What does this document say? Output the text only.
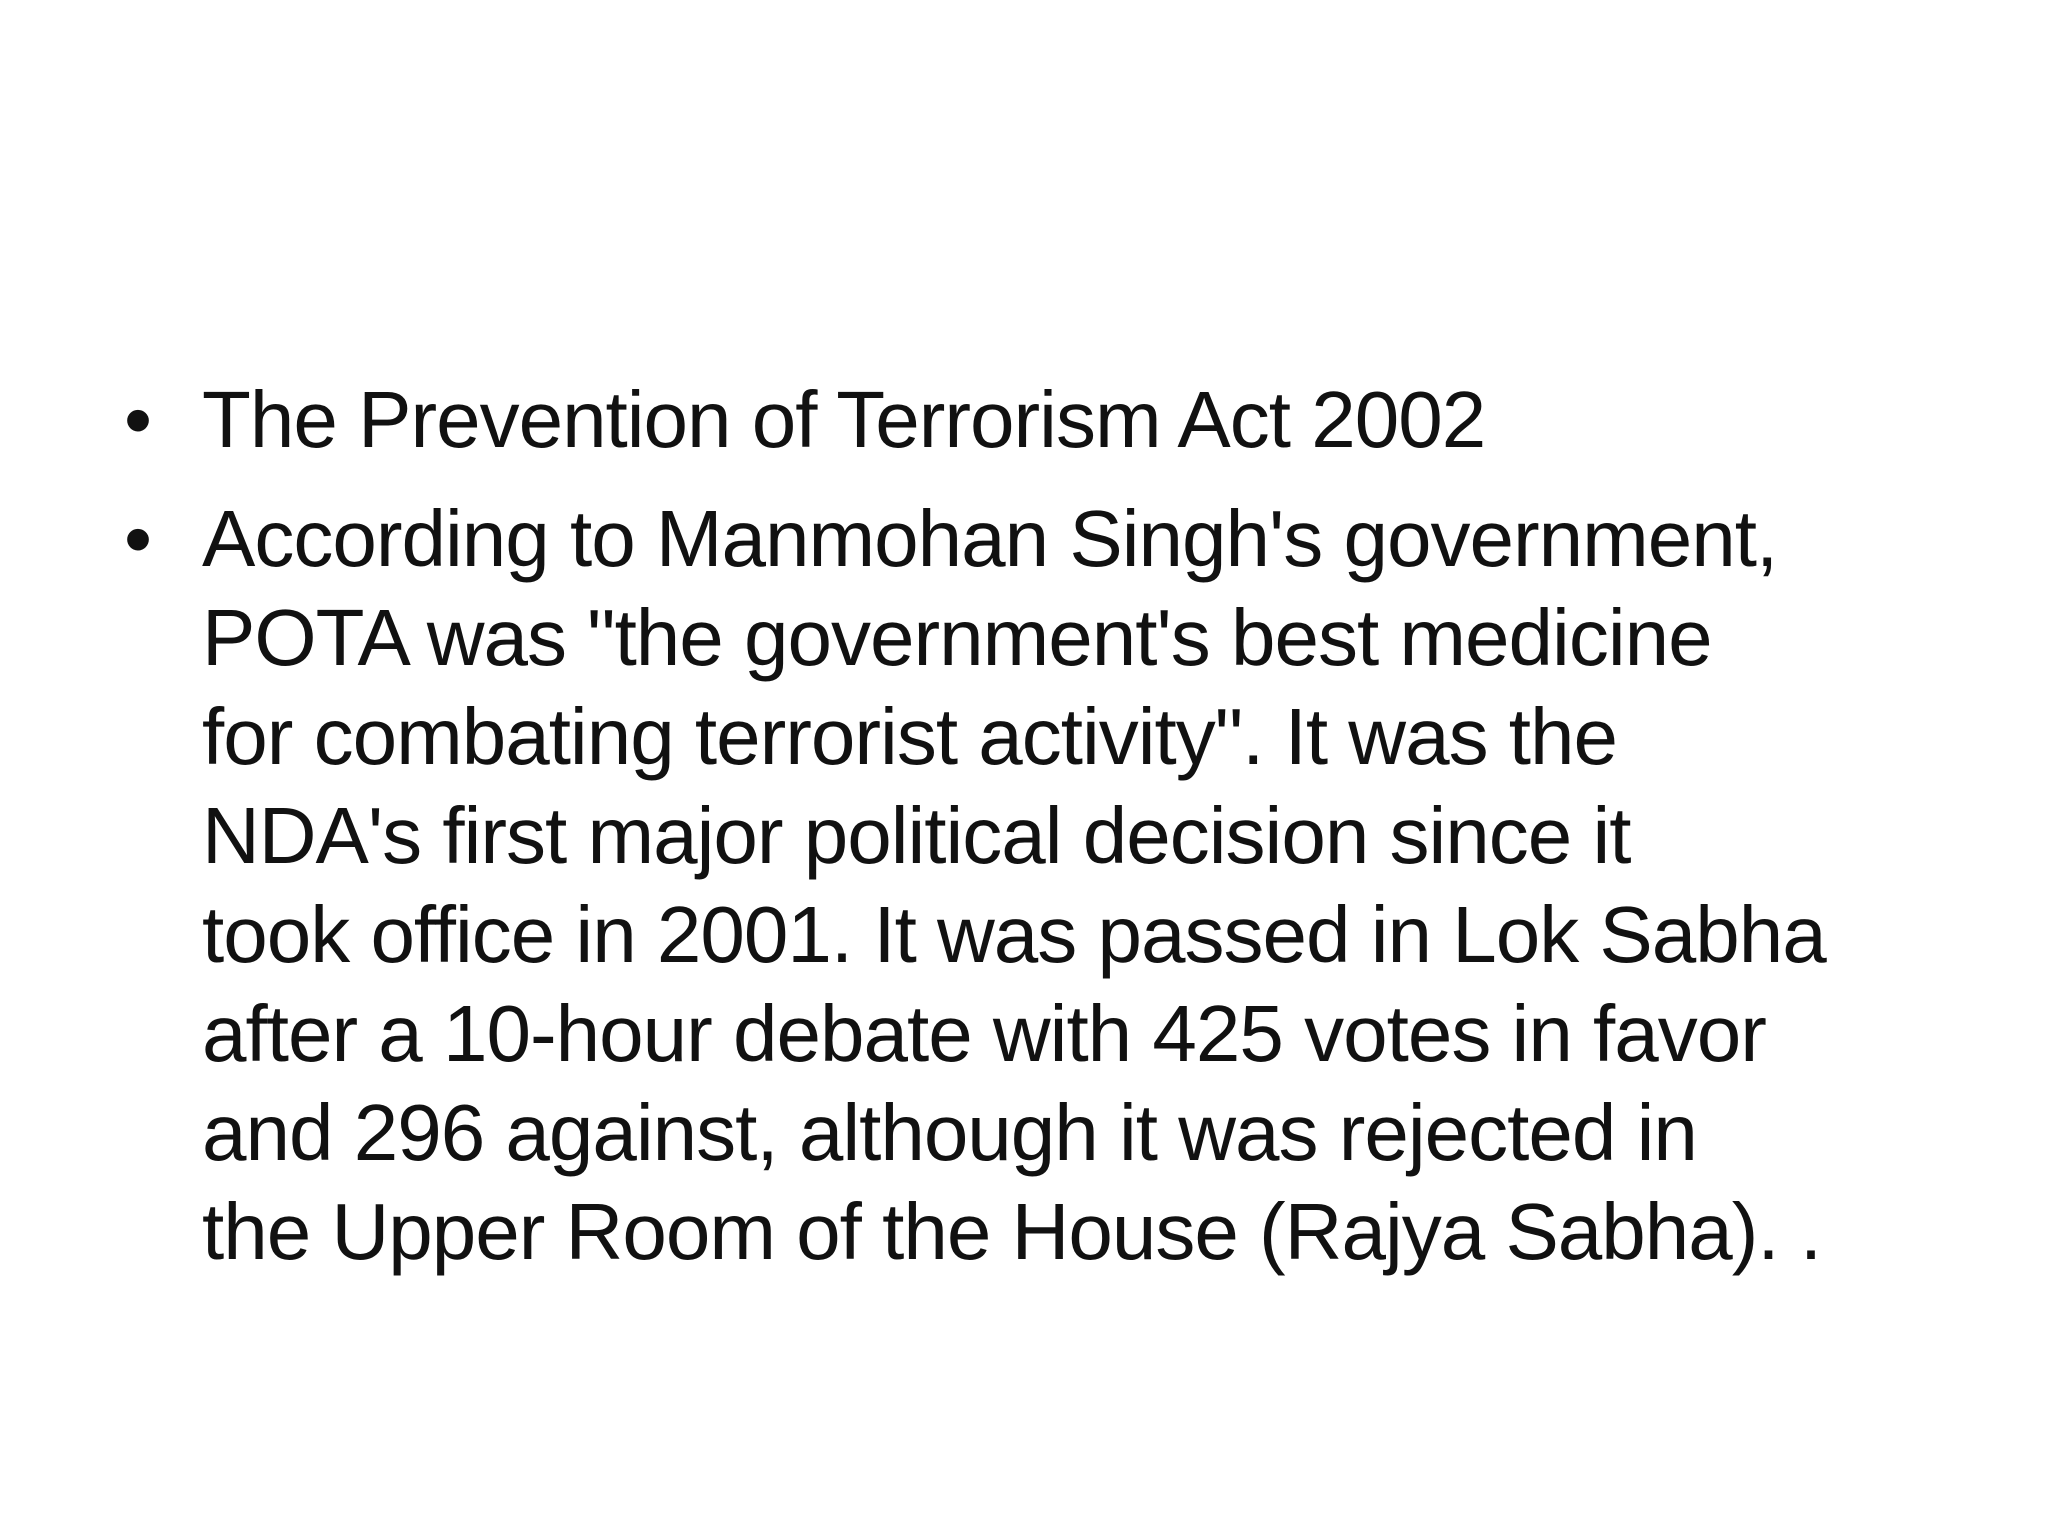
• The Prevention of Terrorism Act 2002
• According to Manmohan Singh's government,
POTA was "the government's best medicine
for combating terrorist activity". It was the
NDA's first major political decision since it
took office in 2001. It was passed in Lok Sabha
after a 10-hour debate with 425 votes in favor
and 296 against, although it was rejected in
the Upper Room of the House (Rajya Sabha). .
